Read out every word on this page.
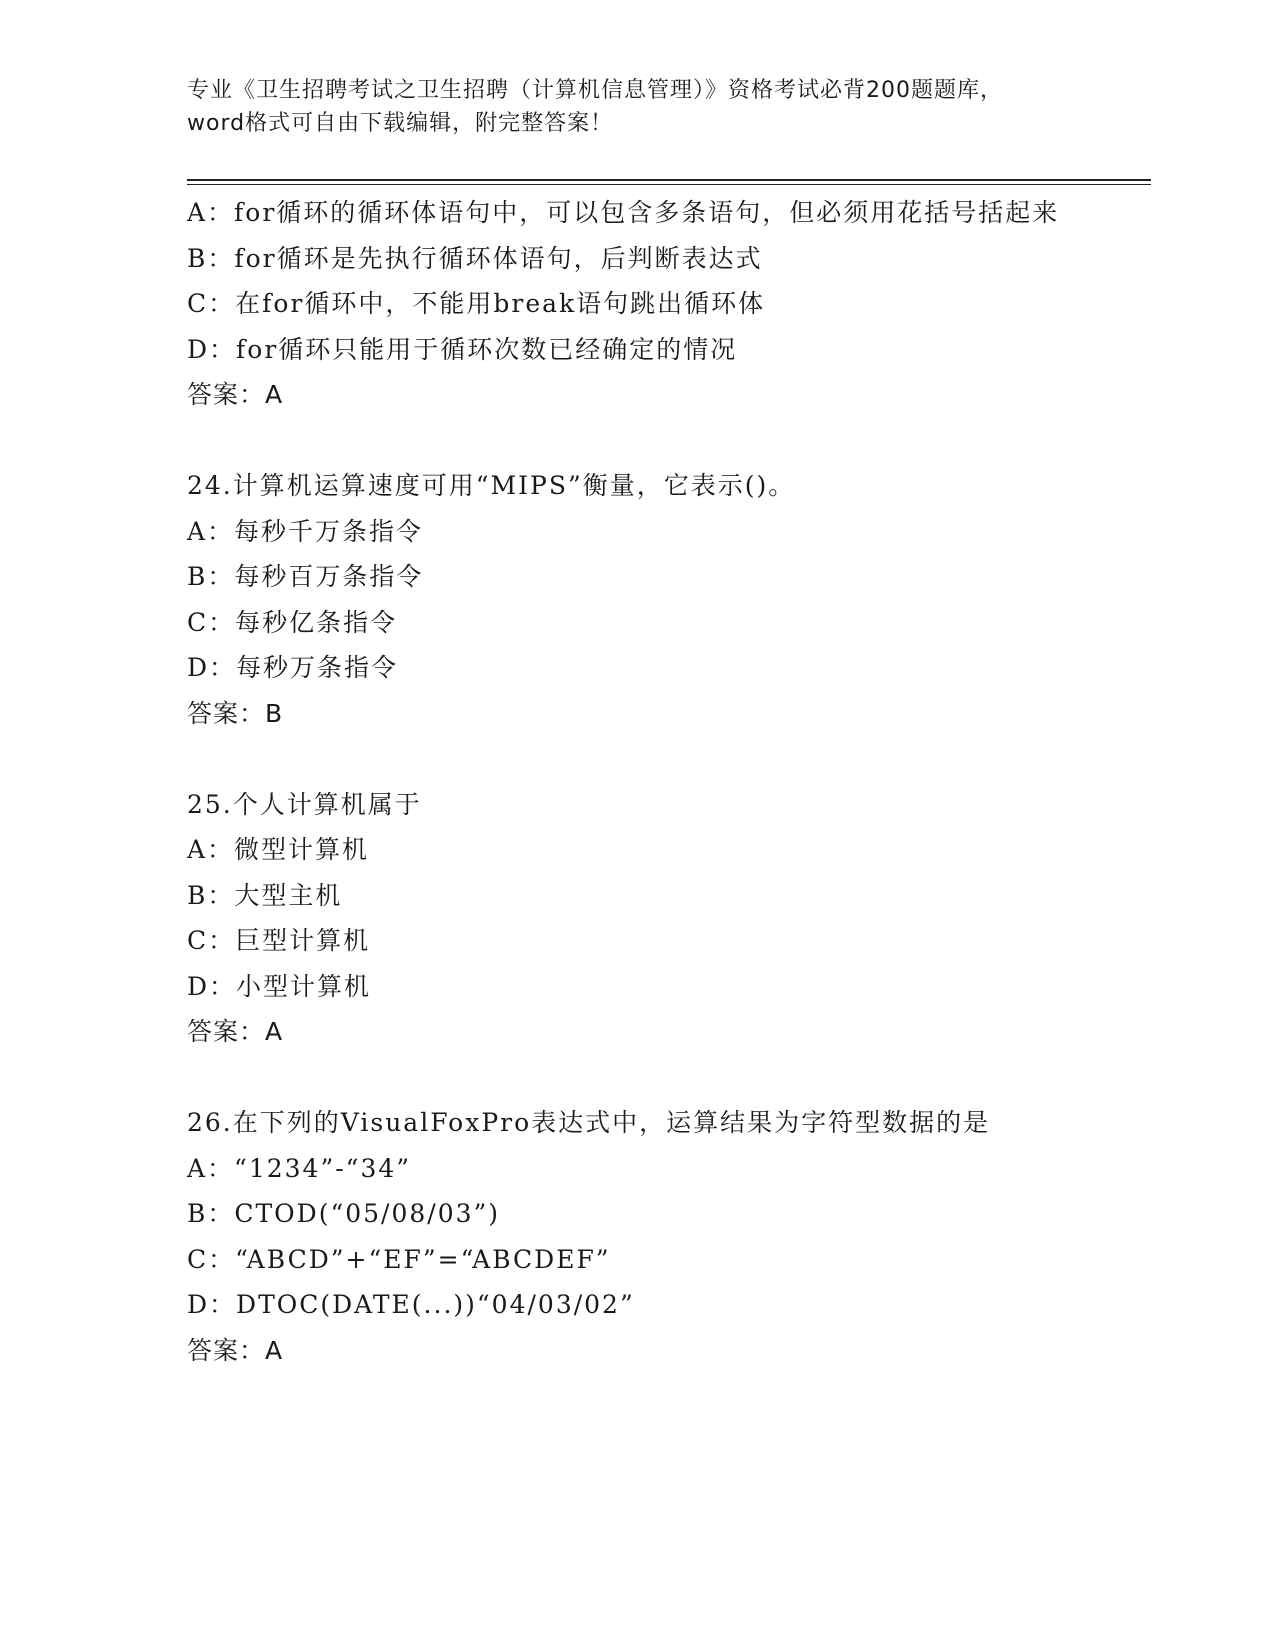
专业《卫生招聘考试之卫生招聘（计算机信息管理）》资格考试必背200题题库，
word格式可自由下载编辑，附完整答案！
A：for循环的循环体语句中，可以包含多条语句，但必须用花括号括起来
B：for循环是先执行循环体语句，后判断表达式
C：在for循环中，不能用break语句跳出循环体
D：for循环只能用于循环次数已经确定的情况
答案：A
24.计算机运算速度可用“MIPS”衡量，它表示()。
A：每秒千万条指令
B：每秒百万条指令
C：每秒亿条指令
D：每秒万条指令
答案：B
25.个人计算机属于
A：微型计算机
B：大型主机
C：巨型计算机
D：小型计算机
答案：A
26.在下列的VisualFoxPro表达式中，运算结果为字符型数据的是
A：“1234”-“34”
B：CTOD(“05/08/03”)
C：“ABCD”+“EF”=“ABCDEF”
D：DTOC(DATE(...))“04/03/02”
答案：A
